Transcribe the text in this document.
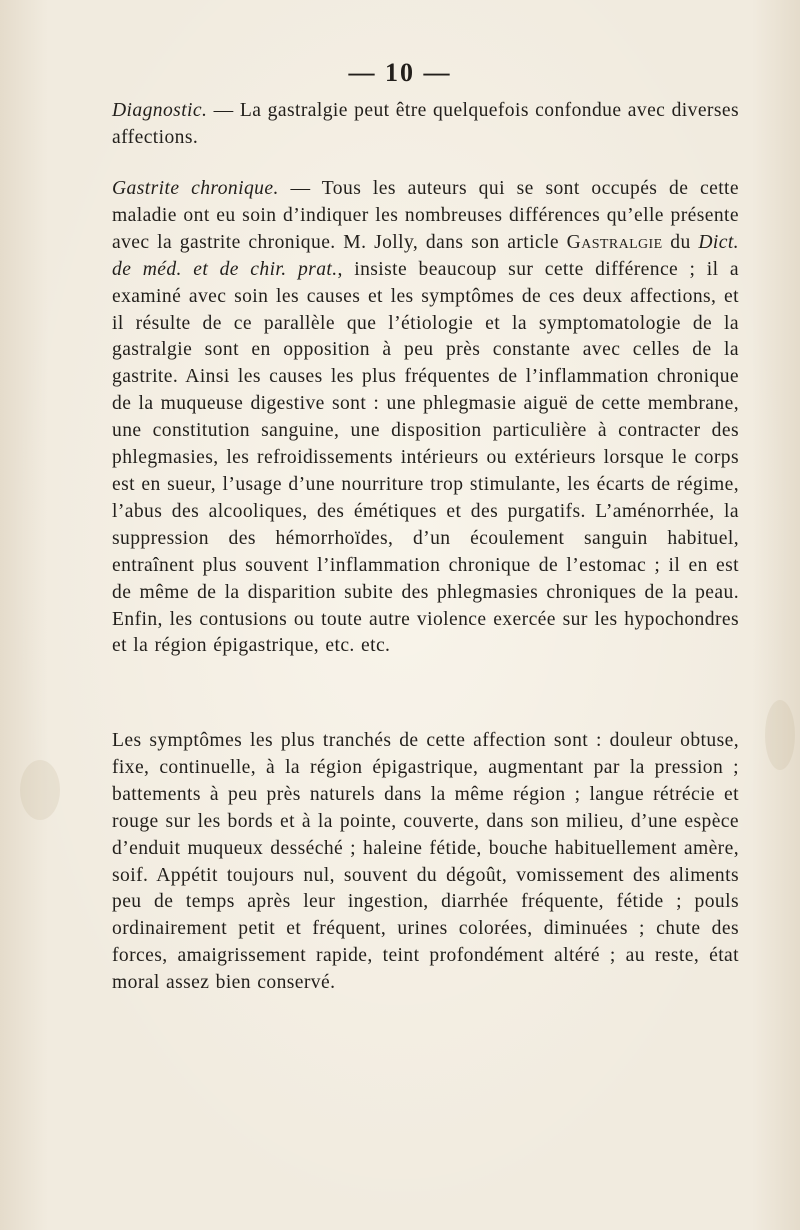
— 10 —

Diagnostic. — La gastralgie peut être quelquefois confondue avec diverses affections.

Gastrite chronique. — Tous les auteurs qui se sont occupés de cette maladie ont eu soin d’indiquer les nombreuses différences qu’elle présente avec la gastrite chronique. M. Jolly, dans son article Gastralgie du Dict. de méd. et de chir. prat., insiste beaucoup sur cette différence ; il a examiné avec soin les causes et les symptômes de ces deux affections, et il résulte de ce parallèle que l’étiologie et la symptomatologie de la gastralgie sont en opposition à peu près constante avec celles de la gastrite. Ainsi les causes les plus fréquentes de l’inflammation chronique de la muqueuse digestive sont : une phlegmasie aiguë de cette membrane, une constitution sanguine, une disposition particulière à contracter des phlegmasies, les refroidissements intérieurs ou extérieurs lorsque le corps est en sueur, l’usage d’une nourriture trop stimulante, les écarts de régime, l’abus des alcooliques, des émétiques et des purgatifs. L’aménorrhée, la suppression des hémorrhoïdes, d’un écoulement sanguin habituel, entraînent plus souvent l’inflammation chronique de l’estomac ; il en est de même de la disparition subite des phlegmasies chroniques de la peau. Enfin, les contusions ou toute autre violence exercée sur les hypochondres et la région épigastrique, etc. etc.

Les symptômes les plus tranchés de cette affection sont : douleur obtuse, fixe, continuelle, à la région épigastrique, augmentant par la pression ; battements à peu près naturels dans la même région ; langue rétrécie et rouge sur les bords et à la pointe, couverte, dans son milieu, d’une espèce d’enduit muqueux desséché ; haleine fétide, bouche habituellement amère, soif. Appétit toujours nul, souvent du dégoût, vomissement des aliments peu de temps après leur ingestion, diarrhée fréquente, fétide ; pouls ordinairement petit et fréquent, urines colorées, diminuées ; chute des forces, amaigrissement rapide, teint profondément altéré ; au reste, état moral assez bien conservé.
